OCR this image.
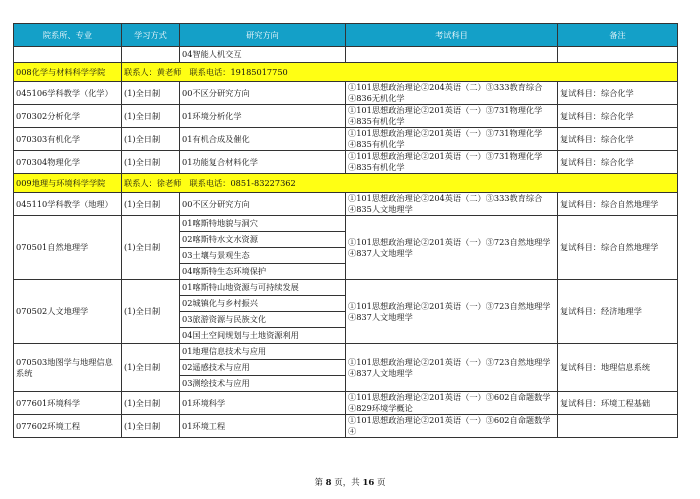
院系所、专业	学习方式	研究方向	考试科目	备注
		04智能人机交互		
008化学与材料科学学院	联系人：黄老师　联系电话：19185017750			
045106学科教学（化学）	(1)全日制	00不区分研究方向	①101思想政治理论②204英语（二）③333教育综合④836无机化学	复试科目：综合化学
070302分析化学	(1)全日制	01环境分析化学	①101思想政治理论②201英语（一）③731物理化学④835有机化学	复试科目：综合化学
070303有机化学	(1)全日制	01有机合成及催化	①101思想政治理论②201英语（一）③731物理化学④835有机化学	复试科目：综合化学
070304物理化学	(1)全日制	01功能复合材料化学	①101思想政治理论②201英语（一）③731物理化学④835有机化学	复试科目：综合化学
009地理与环境科学学院	联系人：徐老师　联系电话：0851-83227362			
045110学科教学（地理）	(1)全日制	00不区分研究方向	①101思想政治理论②204英语（二）③333教育综合④835人文地理学	复试科目：综合自然地理学
070501自然地理学	(1)全日制	01喀斯特地貌与洞穴
02喀斯特水文水资源
03土壤与景观生态
04喀斯特生态环境保护	①101思想政治理论②201英语（一）③723自然地理学④837人文地理学	复试科目：综合自然地理学
070502人文地理学	(1)全日制	01喀斯特山地资源与可持续发展
02城镇化与乡村振兴
03旅游资源与民族文化
04国土空间规划与土地资源利用	①101思想政治理论②201英语（一）③723自然地理学④837人文地理学	复试科目：经济地理学
070503地图学与地理信息系统	(1)全日制	01地理信息技术与应用
02遥感技术与应用
03测绘技术与应用	①101思想政治理论②201英语（一）③723自然地理学④837人文地理学	复试科目：地理信息系统
077601环境科学	(1)全日制	01环境科学	①101思想政治理论②201英语（一）③602自命题数学④829环境学概论	复试科目：环境工程基础
077602环境工程	(1)全日制	01环境工程	①101思想政治理论②201英语（一）③602自命题数学④	
第 8 页，共 16 页
